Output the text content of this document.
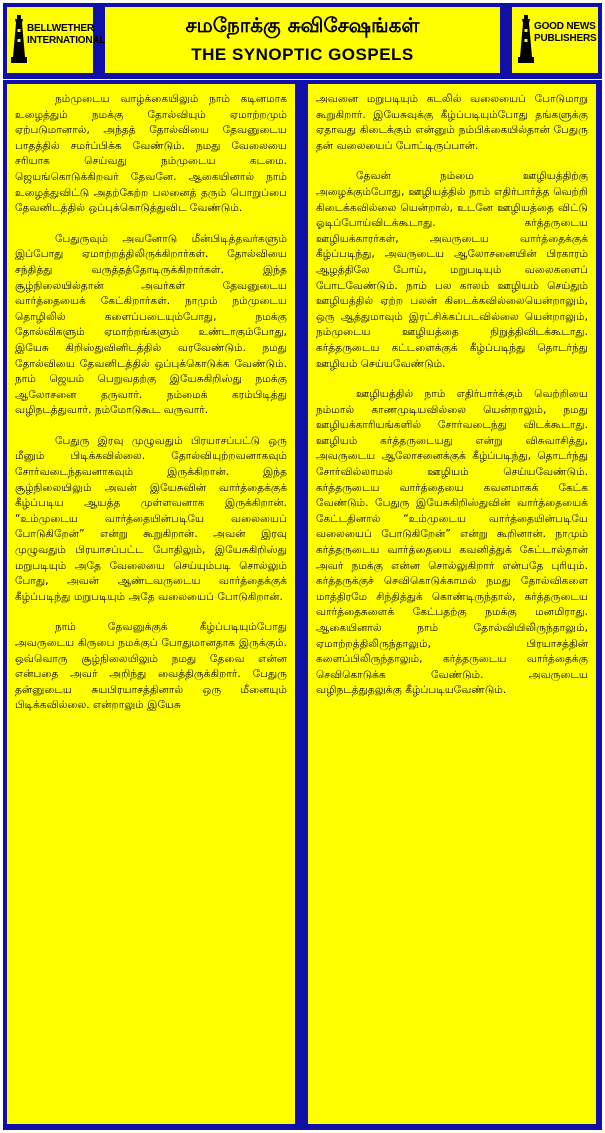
BELLWETHER
INTERNATIONAL
சமநோக்கு சுவிசேஷங்கள்
THE SYNOPTIC GOSPELS
GOOD NEWS
PUBLISHERS

நம்முடைய வாழ்க்கையிலும் நாம் கடினமாக உழைத்தும் நமக்கு தோல்வியும் ஏமாற்றமும் ஏற்படுமானால், அந்தத் தோல்வியை தேவனுடைய பாதத்தில் சமர்ப்பிக்க வேண்டும். நமது வேலையை சரியாக செய்வது நம்முடைய கடமை. ஜெயங்கொடுக்கிறவர் தேவனே. ஆகையினால் நாம் உழைத்துவிட்டு அதற்கேற்ற பலனைத் தரும் பொறுப்பை தேவனிடத்தில் ஒப்புக்கொடுத்துவிட வேண்டும்.

பேதுருவும் அவனோடு மீன்பிடித்தவர்களும் இப்போது ஏமாற்றத்திலிருக்கிறார்கள். தோல்வியை சந்தித்து வருத்தத்தோடிருக்கிறார்கள். இந்த சூழ்நிலையில்தான் அவர்கள் தேவனுடைய வார்த்தையைக் கேட்கிறார்கள். நாமும் நம்முடைய தொழிலில் களைப்படையும்போது, நமக்கு தோல்விகளும் ஏமாற்றங்களும் உண்டாகும்போது, இயேசு கிறிஸ்துவினிடத்தில் வரவேண்டும். நமது தோல்வியை தேவனிடத்தில் ஒப்புக்கொடுக்க வேண்டும். நாம் ஜெயம் பெறுவதற்கு இயேசுகிறிஸ்து நமக்கு ஆலோசனை தருவார். நம்மைக் கரம்பிடித்து வழிநடத்துவார். நம்மோடுகூட வருவார்.

பேதுரு இரவு முழுவதும் பிரயாசப்பட்டு ஒரு மீனும் பிடிக்கவில்லை. தோல்வியுற்றவனாகவும் சோர்வடைந்தவனாகவும் இருக்கிறான். இந்த சூழ்நிலையிலும் அவன் இயேசுவின் வார்த்தைக்குக் கீழ்ப்படிய ஆயத்த முள்ளவனாக இருக்கிறான். “உம்முடைய வார்த்தையின்படியே வலையைப் போடுகிறேன்” என்று கூறுகிறான். அவன் இரவு முழுவதும் பிரயாசப்பட்ட போதிலும், இயேசுகிறிஸ்து மறுபடியும் அதே வேலையை செய்யும்படி சொல்லும் போது, அவன் ஆண்டவருடைய வார்த்தைக்குக் கீழ்ப்படிந்து மறுபடியும் அதே வலையைப் போடுகிறான்.

நாம் தேவனுக்குக் கீழ்ப்படியும்போது அவருடைய கிருபை நமக்குப் போதுமானதாக இருக்கும். ஒவ்வொரு சூழ்நிலையிலும் நமது தேவை என்ன என்பதை அவர் அறிந்து வைத்திருக்கிறார். பேதுரு தன்னுடைய சுயபிரயாசத்தினால் ஒரு மீனையும் பிடிக்கவில்லை. என்றாலும் இயேசு

அவனை மறுபடியும் கடலில் வலையைப் போடுமாறு கூறுகிறார். இயேசுவுக்கு கீழ்ப்படியும்போது தங்களுக்கு ஏதாவது கிடைக்கும் என்னும் நம்பிக்கையில்தான் பேதுரு தன் வலையைப் போட்டிருப்பான்.

தேவன் நம்மை ஊழியத்திற்கு அழைக்கும்போது, ஊழியத்தில் நாம் எதிர்பார்த்த வெற்றி கிடைக்கவில்லை யென்றால், உடனே ஊழியத்தை விட்டு ஓடிப்போய்விடக்கூடாது. கர்த்தருடைய ஊழியக்காரர்கள், அவருடைய வார்த்தைக்குக் கீழ்ப்படிந்து, அவருடைய ஆலோசனையின் பிரகாரம் ஆழத்திலே போய், மறுபடியும் வலைகளைப் போடவேண்டும். நாம் பல காலம் ஊழியம் செய்தும் ஊழியத்தில் ஏற்ற பலன் கிடைக்கவில்லையென்றாலும், ஒரு ஆத்துமாவும் இரட்சிக்கப்படவில்லை யென்றாலும், நம்முடைய ஊழியத்தை நிறுத்திவிடக்கூடாது. கர்த்தருடைய கட்டளைக்குக் கீழ்ப்படிந்து தொடர்ந்து ஊழியம் செய்யவேண்டும்.

ஊழியத்தில் நாம் எதிர்பார்க்கும் வெற்றியை நம்மால் காணமுடியவில்லை யென்றாலும், நமது ஊழியக்காரியங்களில் சோர்வடைந்து விடக்கூடாது. ஊழியம் கர்த்தருடையது என்று விசுவாசித்து, அவருடைய ஆலோசனைக்குக் கீழ்ப்படிந்து, தொடர்ந்து சோர்வில்லாமல் ஊழியம் செய்யவேண்டும். கர்த்தருடைய வார்த்தையை கவனமாகக் கேட்க வேண்டும். பேதுரு இயேசுகிறிஸ்துவின் வார்த்தையைக் கேட்டதினால் “உம்முடைய வார்த்தையின்படியே வலையைப் போடுகிறேன்” என்று கூறினான். நாமும் கர்த்தருடைய வார்த்தையை கவனித்துக் கேட்டால்தான் அவர் நமக்கு என்ன சொல்லுகிறார் என்பதே புரியும். கர்த்தருக்குச் செவிகொடுக்காமல் நமது தோல்விகளை மாத்திரமே சிந்தித்துக் கொண்டிருந்தால், கர்த்தருடைய வார்த்தைகளைக் கேட்பதற்கு நமக்கு மனமிராது. ஆகையினால் நாம் தோல்வியிலிருந்தாலும், ஏமாற்றத்திலிருந்தாலும், பிரயாசத்தின் களைப்பிலிருந்தாலும், கர்த்தருடைய வார்த்தைக்கு செவிகொடுக்க வேண்டும். அவருடைய வழிநடத்துதலுக்கு கீழ்ப்படியவேண்டும்.
